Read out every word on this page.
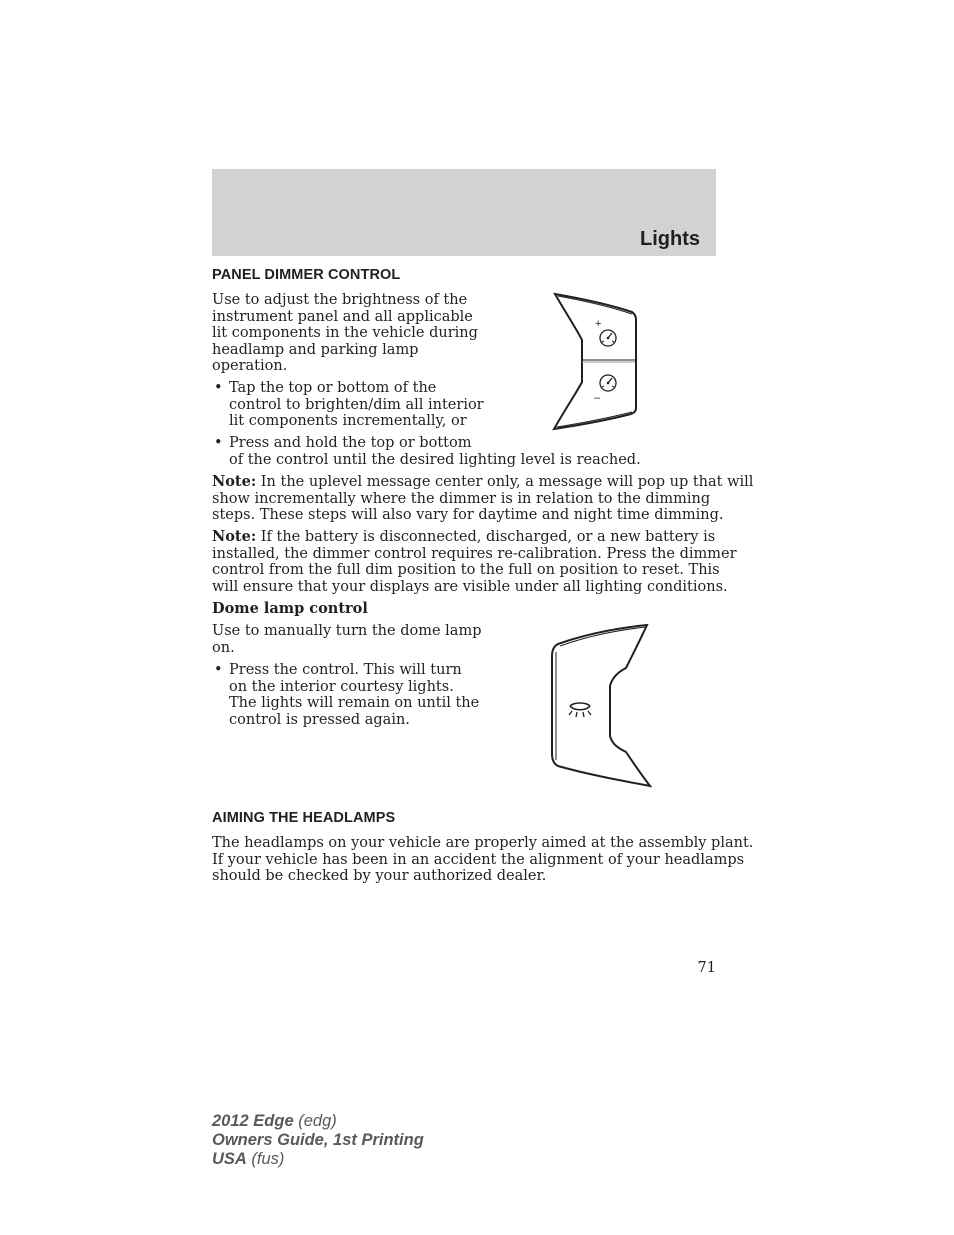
Lights
PANEL DIMMER CONTROL
Use to adjust the brightness of the
instrument panel and all applicable
lit components in the vehicle during
headlamp and parking lamp
operation.
• Tap the top or bottom of the
control to brighten/dim all interior
lit components incrementally, or
• Press and hold the top or bottom
of the control until the desired lighting level is reached.
Note: In the uplevel message center only, a message will pop up that will
show incrementally where the dimmer is in relation to the dimming
steps. These steps will also vary for daytime and night time dimming.
Note: If the battery is disconnected, discharged, or a new battery is
installed, the dimmer control requires re-calibration. Press the dimmer
control from the full dim position to the full on position to reset. This
will ensure that your displays are visible under all lighting conditions.
Dome lamp control
Use to manually turn the dome lamp
on.
• Press the control. This will turn
on the interior courtesy lights.
The lights will remain on until the
control is pressed again.
AIMING THE HEADLAMPS
The headlamps on your vehicle are properly aimed at the assembly plant.
If your vehicle has been in an accident the alignment of your headlamps
should be checked by your authorized dealer.
+
–
71
2012 Edge (edg)
Owners Guide, 1st Printing
USA (fus)
